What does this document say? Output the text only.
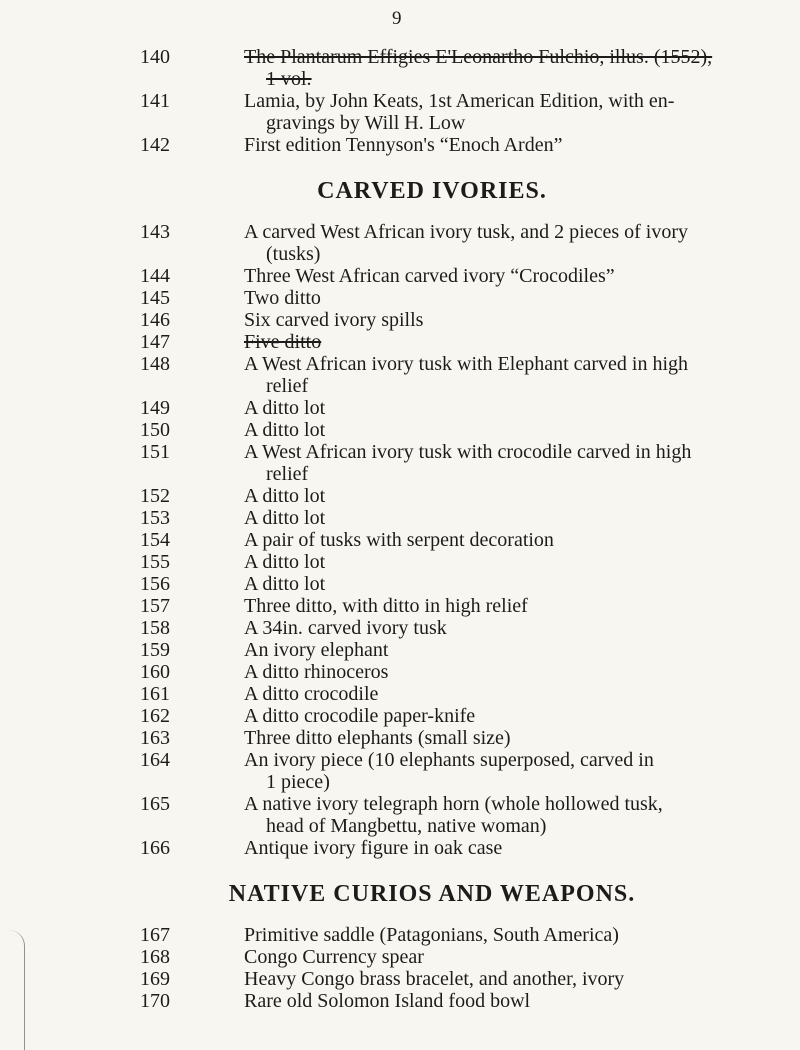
9
140	The Plantarum Effigies E'Leonartho Fulchio, illus. (1552),
1 vol.
141	Lamia, by John Keats, 1st American Edition, with en-
gravings by Will H. Low
142	First edition Tennyson's “Enoch Arden”
CARVED IVORIES.
143	A carved West African ivory tusk, and 2 pieces of ivory
(tusks)
144	Three West African carved ivory “Crocodiles”
145	Two ditto
146	Six carved ivory spills
147	Five ditto
148	A West African ivory tusk with Elephant carved in high
relief
149	A ditto lot
150	A ditto lot
151	A West African ivory tusk with crocodile carved in high
relief
152	A ditto lot
153	A ditto lot
154	A pair of tusks with serpent decoration
155	A ditto lot
156	A ditto lot
157	Three ditto, with ditto in high relief
158	A 34in. carved ivory tusk
159	An ivory elephant
160	A ditto rhinoceros
161	A ditto crocodile
162	A ditto crocodile paper-knife
163	Three ditto elephants (small size)
164	An ivory piece (10 elephants superposed, carved in
1 piece)
165	A native ivory telegraph horn (whole hollowed tusk,
head of Mangbettu, native woman)
166	Antique ivory figure in oak case
NATIVE CURIOS AND WEAPONS.
167	Primitive saddle (Patagonians, South America)
168	Congo Currency spear
169	Heavy Congo brass bracelet, and another, ivory
170	Rare old Solomon Island food bowl
